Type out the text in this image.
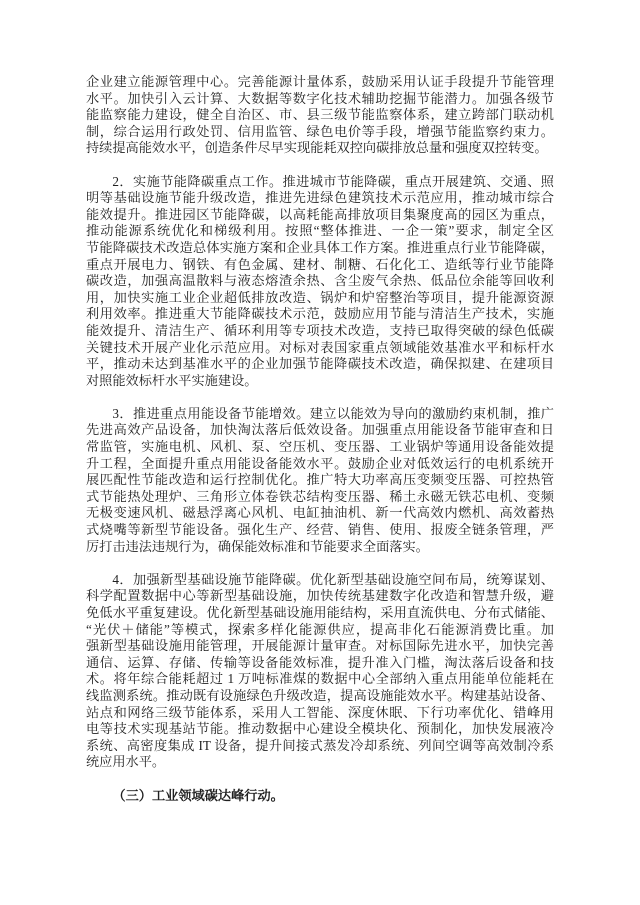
企业建立能源管理中心。完善能源计量体系，鼓励采用认证手段提升节能管理
水平。加快引入云计算、大数据等数字化技术辅助挖掘节能潜力。加强各级节
能监察能力建设，健全自治区、市、县三级节能监察体系，建立跨部门联动机
制，综合运用行政处罚、信用监管、绿色电价等手段，增强节能监察约束力。
持续提高能效水平，创造条件尽早实现能耗双控向碳排放总量和强度双控转变。
2．实施节能降碳重点工作。推进城市节能降碳，重点开展建筑、交通、照
明等基础设施节能升级改造，推进先进绿色建筑技术示范应用，推动城市综合
能效提升。推进园区节能降碳，以高耗能高排放项目集聚度高的园区为重点，
推动能源系统优化和梯级利用。按照“整体推进、一企一策”要求，制定全区
节能降碳技术改造总体实施方案和企业具体工作方案。推进重点行业节能降碳，
重点开展电力、钢铁、有色金属、建材、制糖、石化化工、造纸等行业节能降
碳改造，加强高温散料与液态熔渣余热、含尘废气余热、低品位余能等回收利
用，加快实施工业企业超低排放改造、锅炉和炉窑整治等项目，提升能源资源
利用效率。推进重大节能降碳技术示范，鼓励应用节能与清洁生产技术，实施
能效提升、清洁生产、循环利用等专项技术改造，支持已取得突破的绿色低碳
关键技术开展产业化示范应用。对标对表国家重点领域能效基准水平和标杆水
平，推动未达到基准水平的企业加强节能降碳技术改造，确保拟建、在建项目
对照能效标杆水平实施建设。
3．推进重点用能设备节能增效。建立以能效为导向的激励约束机制，推广
先进高效产品设备，加快淘汰落后低效设备。加强重点用能设备节能审查和日
常监管，实施电机、风机、泵、空压机、变压器、工业锅炉等通用设备能效提
升工程，全面提升重点用能设备能效水平。鼓励企业对低效运行的电机系统开
展匹配性节能改造和运行控制优化。推广特大功率高压变频变压器、可控热管
式节能热处理炉、三角形立体卷铁芯结构变压器、稀土永磁无铁芯电机、变频
无极变速风机、磁悬浮离心风机、电缸抽油机、新一代高效内燃机、高效蓄热
式烧嘴等新型节能设备。强化生产、经营、销售、使用、报废全链条管理，严
厉打击违法违规行为，确保能效标准和节能要求全面落实。
4．加强新型基础设施节能降碳。优化新型基础设施空间布局，统筹谋划、
科学配置数据中心等新型基础设施，加快传统基建数字化改造和智慧升级，避
免低水平重复建设。优化新型基础设施用能结构，采用直流供电、分布式储能、
“光伏＋储能”等模式，探索多样化能源供应，提高非化石能源消费比重。加
强新型基础设施用能管理，开展能源计量审查。对标国际先进水平，加快完善
通信、运算、存储、传输等设备能效标准，提升准入门槛，淘汰落后设备和技
术。将年综合能耗超过 1 万吨标准煤的数据中心全部纳入重点用能单位能耗在
线监测系统。推动既有设施绿色升级改造，提高设施能效水平。构建基站设备、
站点和网络三级节能体系，采用人工智能、深度休眠、下行功率优化、错峰用
电等技术实现基站节能。推动数据中心建设全模块化、预制化，加快发展液冷
系统、高密度集成 IT 设备，提升间接式蒸发冷却系统、列间空调等高效制冷系
统应用水平。
（三）工业领域碳达峰行动。
